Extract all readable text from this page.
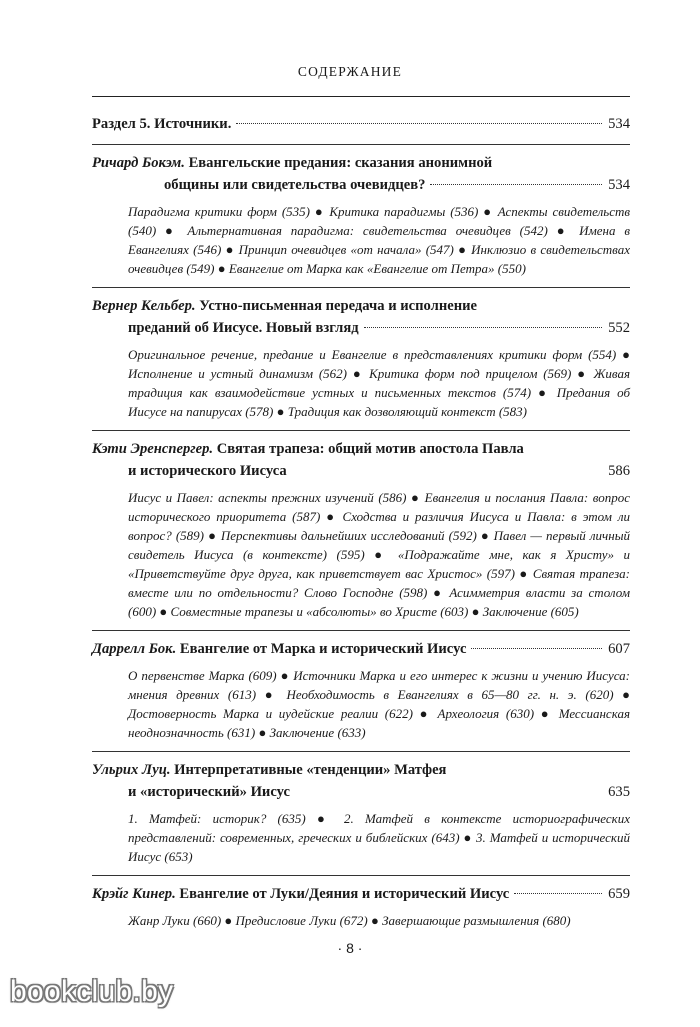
СОДЕРЖАНИЕ
Раздел 5. Источники.	534
Ричард Бокэм. Евангельские предания: сказания анонимной
общины или свидетельства очевидцев?	534
Парадигма критики форм (535) ● Критика парадигмы (536) ● Аспекты свидетельств (540) ● Альтернативная парадигма: свидетельства очевидцев (542) ● Имена в Евангелиях (546) ● Принцип очевидцев «от начала» (547) ● Инклюзио в свидетельствах очевидцев (549) ● Евангелие от Марка как «Евангелие от Петра» (550)
Вернер Кельбер. Устно-письменная передача и исполнение
преданий об Иисусе. Новый взгляд	552
Оригинальное речение, предание и Евангелие в представлениях критики форм (554) ● Исполнение и устный динамизм (562) ● Критика форм под прицелом (569) ● Живая традиция как взаимодействие устных и письменных текстов (574) ● Предания об Иисусе на папирусах (578) ● Традиция как дозволяющий контекст (583)
Кэти Эренспергер. Святая трапеза: общий мотив апостола Павла
и исторического Иисуса	586
Иисус и Павел: аспекты прежних изучений (586) ● Евангелия и послания Павла: вопрос исторического приоритета (587) ● Сходства и различия Иисуса и Павла: в этом ли вопрос? (589) ● Перспективы дальнейших исследований (592) ● Павел — первый личный свидетель Иисуса (в контексте) (595) ● «Подражайте мне, как я Христу» и «Приветствуйте друг друга, как приветствует вас Христос» (597) ● Святая трапеза: вместе или по отдельности? Слово Господне (598) ● Асимметрия власти за столом (600) ● Совместные трапезы и «абсолюты» во Христе (603) ● Заключение (605)
Даррелл Бок. Евангелие от Марка и исторический Иисус	607
О первенстве Марка (609) ● Источники Марка и его интерес к жизни и учению Иисуса: мнения древних (613) ● Необходимость в Евангелиях в 65—80 гг. н. э. (620) ● Достоверность Марка и иудейские реалии (622) ● Археология (630) ● Мессианская неоднозначность (631) ● Заключение (633)
Ульрих Луц. Интерпретативные «тенденции» Матфея
и «исторический» Иисус	635
1. Матфей: историк? (635) ● 2. Матфей в контексте историографических представлений: современных, греческих и библейских (643) ● 3. Матфей и исторический Иисус (653)
Крэйг Кинер. Евангелие от Луки/Деяния и исторический Иисус	659
Жанр Луки (660) ● Предисловие Луки (672) ● Завершающие размышления (680)
· 8 ·
bookclub.by
